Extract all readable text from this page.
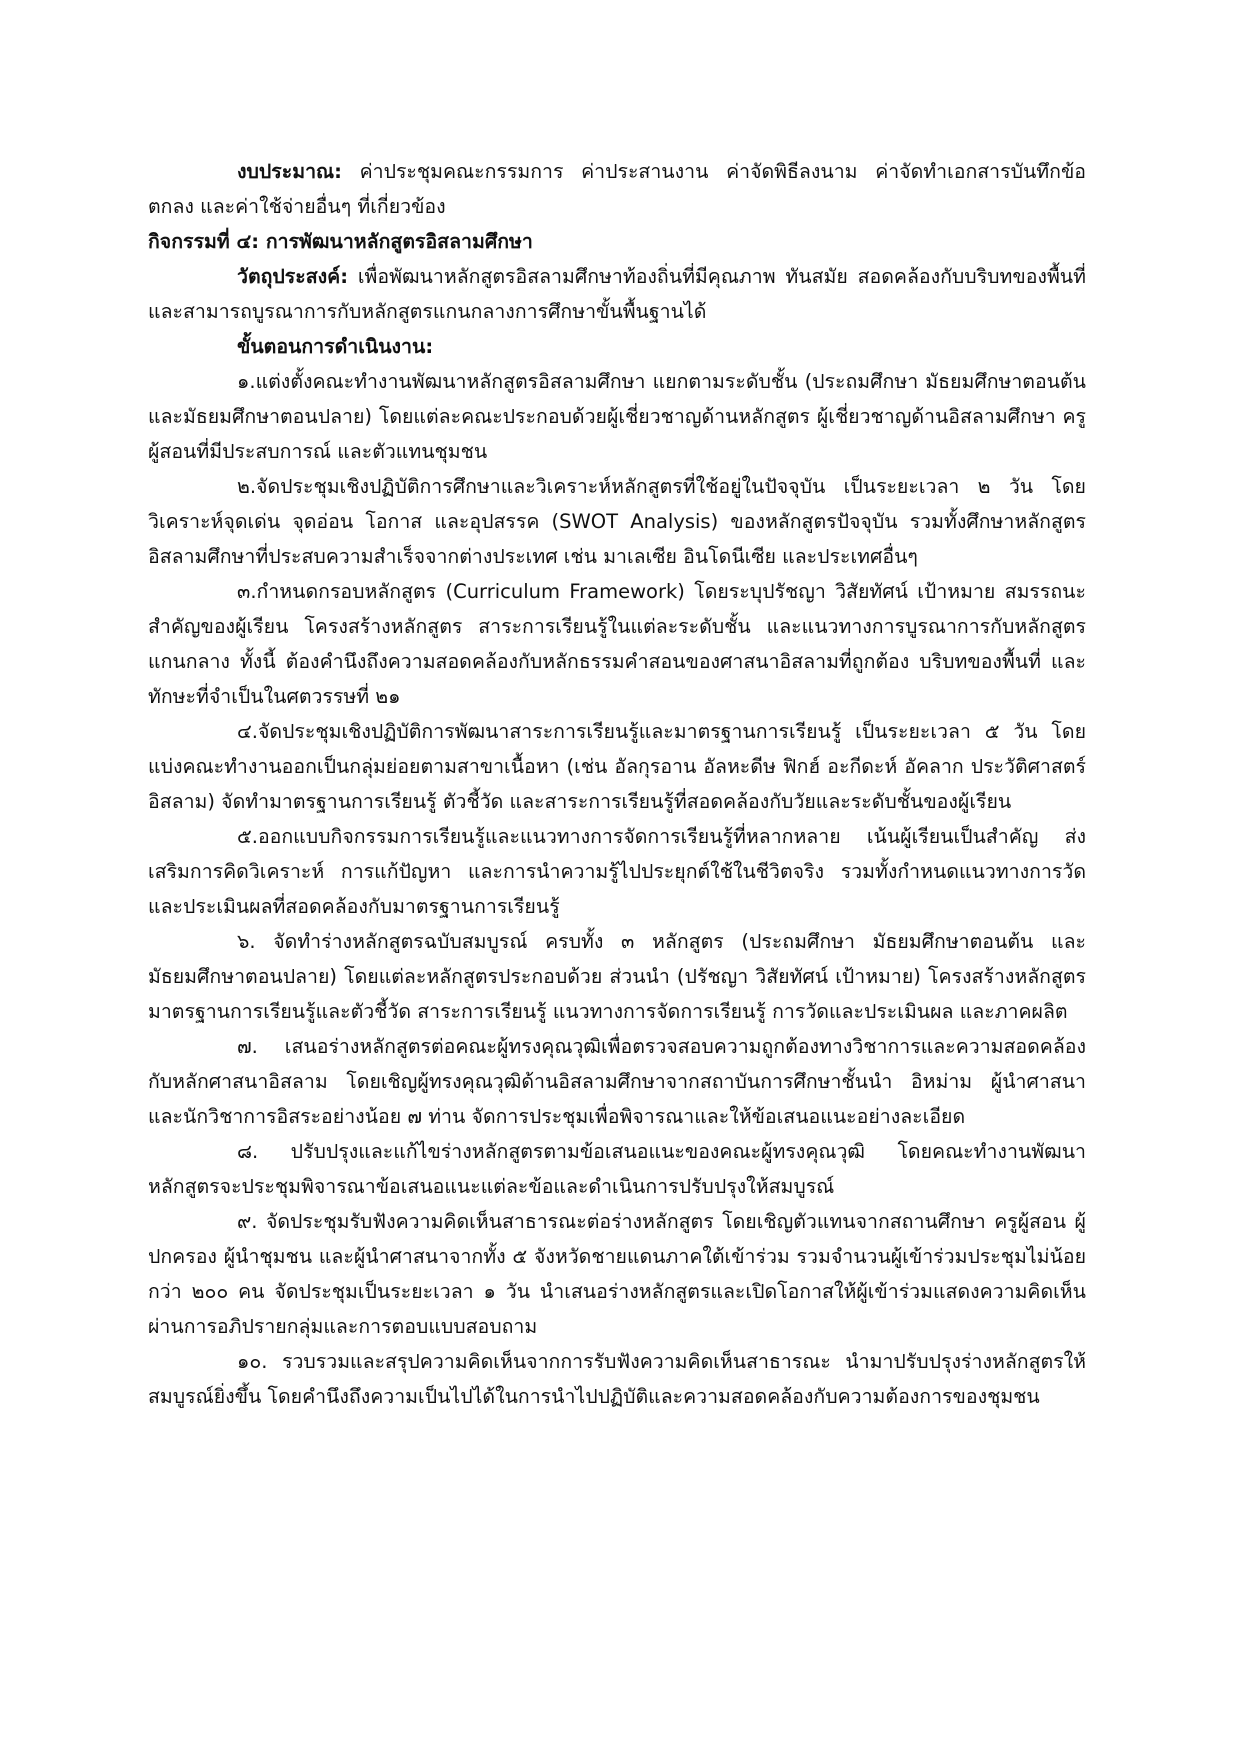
งบประมาณ: ค่าประชุมคณะกรรมการ ค่าประสานงาน ค่าจัดพิธีลงนาม ค่าจัดทำเอกสารบันทึกข้อตกลง และค่าใช้จ่ายอื่นๆ ที่เกี่ยวข้อง

กิจกรรมที่ ๔: การพัฒนาหลักสูตรอิสลามศึกษา

วัตถุประสงค์: เพื่อพัฒนาหลักสูตรอิสลามศึกษาท้องถิ่นที่มีคุณภาพ ทันสมัย สอดคล้องกับบริบทของพื้นที่ และสามารถบูรณาการกับหลักสูตรแกนกลางการศึกษาขั้นพื้นฐานได้

ขั้นตอนการดำเนินงาน:

๑.แต่งตั้งคณะทำงานพัฒนาหลักสูตรอิสลามศึกษา แยกตามระดับชั้น (ประถมศึกษา มัธยมศึกษาตอนต้น และมัธยมศึกษาตอนปลาย) โดยแต่ละคณะประกอบด้วยผู้เชี่ยวชาญด้านหลักสูตร ผู้เชี่ยวชาญด้านอิสลามศึกษา ครูผู้สอนที่มีประสบการณ์ และตัวแทนชุมชน

๒.จัดประชุมเชิงปฏิบัติการศึกษาและวิเคราะห์หลักสูตรที่ใช้อยู่ในปัจจุบัน เป็นระยะเวลา ๒ วัน โดยวิเคราะห์จุดเด่น จุดอ่อน โอกาส และอุปสรรค (SWOT Analysis) ของหลักสูตรปัจจุบัน รวมทั้งศึกษาหลักสูตรอิสลามศึกษาที่ประสบความสำเร็จจากต่างประเทศ เช่น มาเลเซีย อินโดนีเซีย และประเทศอื่นๆ

๓.กำหนดกรอบหลักสูตร (Curriculum Framework) โดยระบุปรัชญา วิสัยทัศน์ เป้าหมาย สมรรถนะสำคัญของผู้เรียน โครงสร้างหลักสูตร สาระการเรียนรู้ในแต่ละระดับชั้น และแนวทางการบูรณาการกับหลักสูตรแกนกลาง ทั้งนี้ ต้องคำนึงถึงความสอดคล้องกับหลักธรรมคำสอนของศาสนาอิสลามที่ถูกต้อง บริบทของพื้นที่ และทักษะที่จำเป็นในศตวรรษที่ ๒๑

๔.จัดประชุมเชิงปฏิบัติการพัฒนาสาระการเรียนรู้และมาตรฐานการเรียนรู้ เป็นระยะเวลา ๕ วัน โดยแบ่งคณะทำงานออกเป็นกลุ่มย่อยตามสาขาเนื้อหา (เช่น อัลกุรอาน อัลหะดีษ ฟิกฮ์ อะกีดะห์ อัคลาก ประวัติศาสตร์อิสลาม) จัดทำมาตรฐานการเรียนรู้ ตัวชี้วัด และสาระการเรียนรู้ที่สอดคล้องกับวัยและระดับชั้นของผู้เรียน

๕.ออกแบบกิจกรรมการเรียนรู้และแนวทางการจัดการเรียนรู้ที่หลากหลาย เน้นผู้เรียนเป็นสำคัญ ส่งเสริมการคิดวิเคราะห์ การแก้ปัญหา และการนำความรู้ไปประยุกต์ใช้ในชีวิตจริง รวมทั้งกำหนดแนวทางการวัดและประเมินผลที่สอดคล้องกับมาตรฐานการเรียนรู้

๖. จัดทำร่างหลักสูตรฉบับสมบูรณ์ ครบทั้ง ๓ หลักสูตร (ประถมศึกษา มัธยมศึกษาตอนต้น และมัธยมศึกษาตอนปลาย) โดยแต่ละหลักสูตรประกอบด้วย ส่วนนำ (ปรัชญา วิสัยทัศน์ เป้าหมาย) โครงสร้างหลักสูตร มาตรฐานการเรียนรู้และตัวชี้วัด สาระการเรียนรู้ แนวทางการจัดการเรียนรู้ การวัดและประเมินผล และภาคผลิต

๗. เสนอร่างหลักสูตรต่อคณะผู้ทรงคุณวุฒิเพื่อตรวจสอบความถูกต้องทางวิชาการและความสอดคล้องกับหลักศาสนาอิสลาม โดยเชิญผู้ทรงคุณวุฒิด้านอิสลามศึกษาจากสถาบันการศึกษาชั้นนำ อิหม่าม ผู้นำศาสนา และนักวิชาการอิสระอย่างน้อย ๗ ท่าน จัดการประชุมเพื่อพิจารณาและให้ข้อเสนอแนะอย่างละเอียด

๘. ปรับปรุงและแก้ไขร่างหลักสูตรตามข้อเสนอแนะของคณะผู้ทรงคุณวุฒิ โดยคณะทำงานพัฒนาหลักสูตรจะประชุมพิจารณาข้อเสนอแนะแต่ละข้อและดำเนินการปรับปรุงให้สมบูรณ์

๙. จัดประชุมรับฟังความคิดเห็นสาธารณะต่อร่างหลักสูตร โดยเชิญตัวแทนจากสถานศึกษา ครูผู้สอน ผู้ปกครอง ผู้นำชุมชน และผู้นำศาสนาจากทั้ง ๕ จังหวัดชายแดนภาคใต้เข้าร่วม รวมจำนวนผู้เข้าร่วมประชุมไม่น้อยกว่า ๒๐๐ คน จัดประชุมเป็นระยะเวลา ๑ วัน นำเสนอร่างหลักสูตรและเปิดโอกาสให้ผู้เข้าร่วมแสดงความคิดเห็นผ่านการอภิปรายกลุ่มและการตอบแบบสอบถาม

๑๐. รวบรวมและสรุปความคิดเห็นจากการรับฟังความคิดเห็นสาธารณะ นำมาปรับปรุงร่างหลักสูตรให้สมบูรณ์ยิ่งขึ้น โดยคำนึงถึงความเป็นไปได้ในการนำไปปฏิบัติและความสอดคล้องกับความต้องการของชุมชน
